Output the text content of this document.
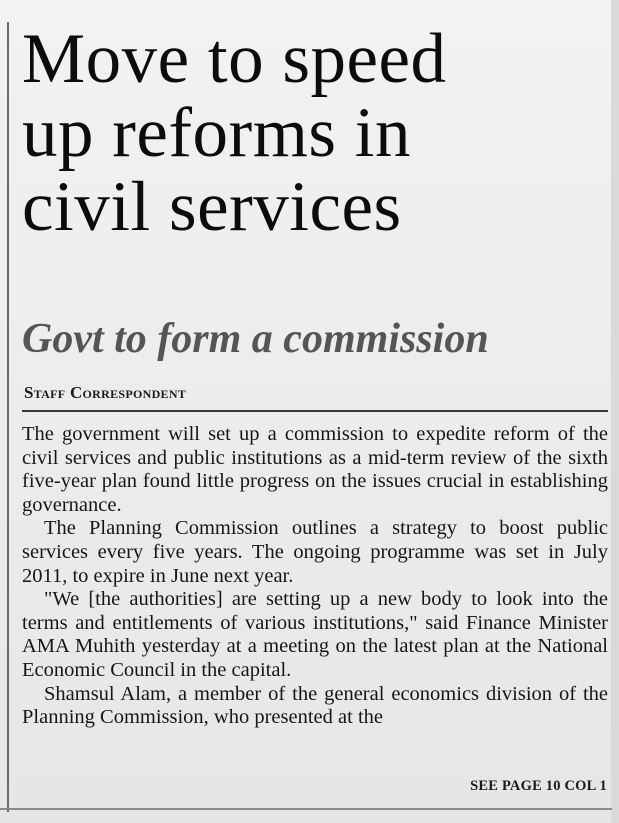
Move to speed
up reforms in
civil services
Govt to form a commission

Staff Correspondent

The government will set up a commission to expedite reform of the civil services and public institutions as a mid-term review of the sixth five-year plan found little progress on the issues crucial in establishing governance.

The Planning Commission outlines a strategy to boost public services every five years. The ongoing programme was set in July 2011, to expire in June next year.

"We [the authorities] are setting up a new body to look into the terms and entitlements of various institutions," said Finance Minister AMA Muhith yesterday at a meeting on the latest plan at the National Economic Council in the capital.

Shamsul Alam, a member of the general economics division of the Planning Commission, who presented at the

SEE PAGE 10 COL 1
